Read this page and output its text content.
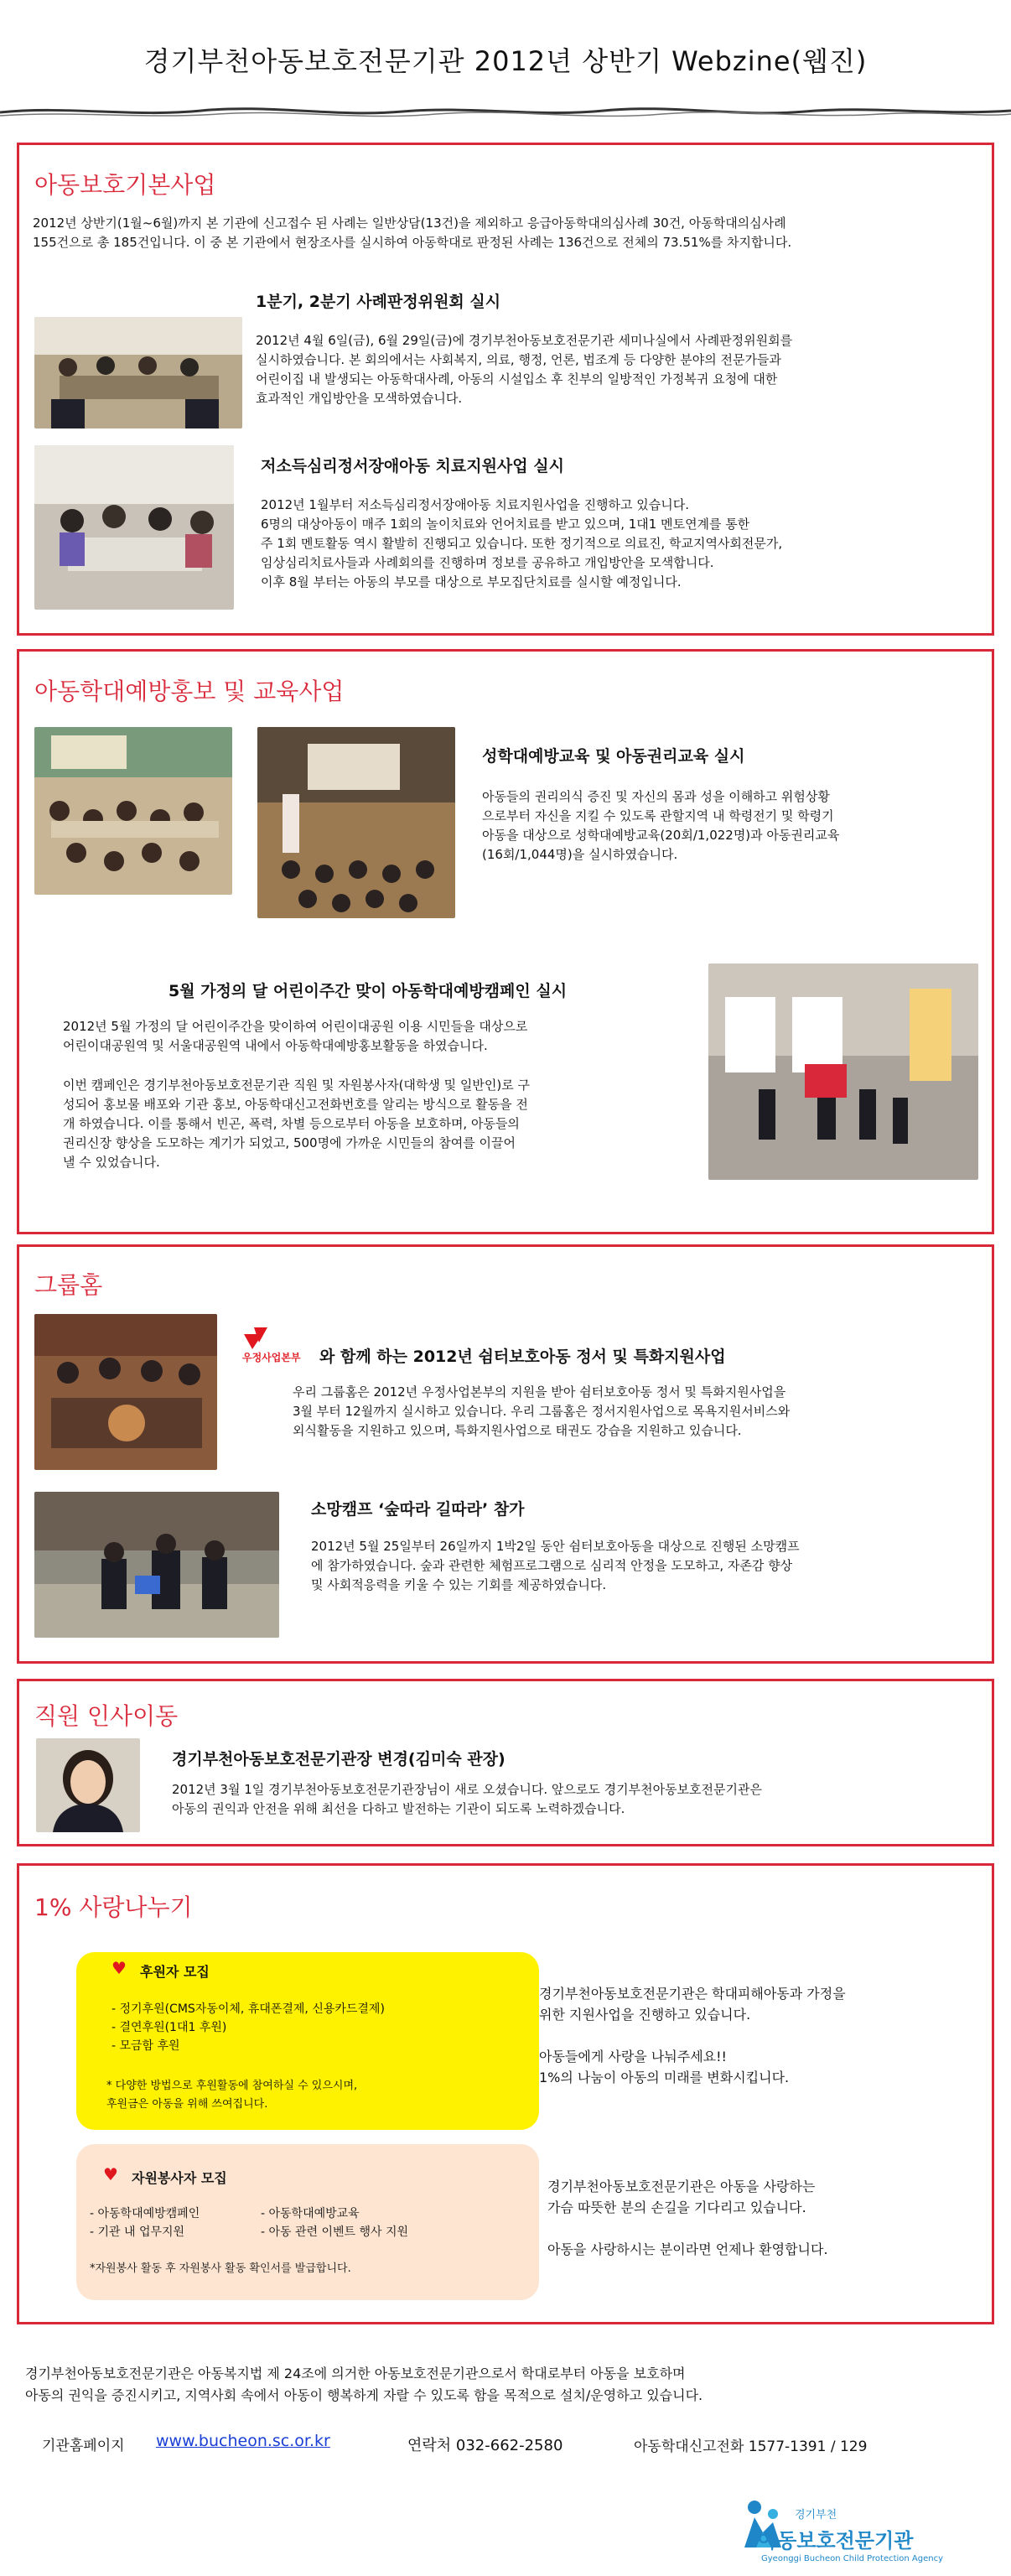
경기부천아동보호전문기관 2012년 상반기 Webzine(웹진)
아동보호기본사업
2012년 상반기(1월~6월)까지 본 기관에 신고접수 된 사례는 일반상담(13건)을 제외하고 응급아동학대의심사례 30건, 아동학대의심사례
155건으로 총 185건입니다. 이 중 본 기관에서 현장조사를 실시하여 아동학대로 판정된 사례는 136건으로 전체의 73.51%를 차지합니다.
1분기, 2분기 사례판정위원회 실시
2012년 4월 6일(금), 6월 29일(금)에 경기부천아동보호전문기관 세미나실에서 사례판정위원회를
실시하였습니다. 본 회의에서는 사회복지, 의료, 행정, 언론, 법조계 등 다양한 분야의 전문가들과
어린이집 내 발생되는 아동학대사례, 아동의 시설입소 후 친부의 일방적인 가정복귀 요청에 대한
효과적인 개입방안을 모색하였습니다.
저소득심리정서장애아동 치료지원사업 실시
2012년 1월부터 저소득심리정서장애아동 치료지원사업을 진행하고 있습니다.
6명의 대상아동이 매주 1회의 놀이치료와 언어치료를 받고 있으며, 1대1 멘토연계를 통한
주 1회 멘토활동 역시 활발히 진행되고 있습니다. 또한 정기적으로 의료진, 학교지역사회전문가,
임상심리치료사들과 사례회의를 진행하며 정보를 공유하고 개입방안을 모색합니다.
이후 8월 부터는 아동의 부모를 대상으로 부모집단치료를 실시할 예정입니다.
아동학대예방홍보 및 교육사업
성학대예방교육 및 아동권리교육 실시
아동들의 권리의식 증진 및 자신의 몸과 성을 이해하고 위험상황
으로부터 자신을 지킬 수 있도록 관할지역 내 학령전기 및 학령기
아동을 대상으로 성학대예방교육(20회/1,022명)과 아동권리교육
(16회/1,044명)을 실시하였습니다.
5월 가정의 달 어린이주간 맞이 아동학대예방캠페인 실시
2012년 5월 가정의 달 어린이주간을 맞이하여 어린이대공원 이용 시민들을 대상으로
어린이대공원역 및 서울대공원역 내에서 아동학대예방홍보활동을 하였습니다.
이번 캠페인은 경기부천아동보호전문기관 직원 및 자원봉사자(대학생 및 일반인)로 구
성되어 홍보물 배포와 기관 홍보, 아동학대신고전화번호를 알리는 방식으로 활동을 전
개 하였습니다. 이를 통해서 빈곤, 폭력, 차별 등으로부터 아동을 보호하며, 아동들의
권리신장 향상을 도모하는 계기가 되었고, 500명에 가까운 시민들의 참여를 이끌어
낼 수 있었습니다.
그룹홈
우정사업본부 와 함께 하는 2012년 쉼터보호아동 정서 및 특화지원사업
우리 그룹홈은 2012년 우정사업본부의 지원을 받아 쉼터보호아동 정서 및 특화지원사업을
3월 부터 12월까지 실시하고 있습니다. 우리 그룹홈은 정서지원사업으로 목욕지원서비스와
외식활동을 지원하고 있으며, 특화지원사업으로 태권도 강습을 지원하고 있습니다.
소망캠프 ‘숲따라 길따라’ 참가
2012년 5월 25일부터 26일까지 1박2일 동안 쉼터보호아동을 대상으로 진행된 소망캠프
에 참가하였습니다. 숲과 관련한 체험프로그램으로 심리적 안정을 도모하고, 자존감 향상
및 사회적응력을 키울 수 있는 기회를 제공하였습니다.
직원 인사이동
경기부천아동보호전문기관장 변경(김미숙 관장)
2012년 3월 1일 경기부천아동보호전문기관장님이 새로 오셨습니다. 앞으로도 경기부천아동보호전문기관은
아동의 권익과 안전을 위해 최선을 다하고 발전하는 기관이 되도록 노력하겠습니다.
1% 사랑나누기
♥ 후원자 모집
- 정기후원(CMS자동이체, 휴대폰결제, 신용카드결제)
- 결연후원(1대1 후원)
- 모금함 후원
* 다양한 방법으로 후원활동에 참여하실 수 있으시며,
후원금은 아동을 위해 쓰여집니다.
♥ 자원봉사자 모집
- 아동학대예방캠페인
- 기관 내 업무지원
- 아동학대예방교육
- 아동 관련 이벤트 행사 지원
*자원봉사 활동 후 자원봉사 활동 확인서를 발급합니다.
경기부천아동보호전문기관은 학대피해아동과 가정을
위한 지원사업을 진행하고 있습니다.

아동들에게 사랑을 나눠주세요!!
1%의 나눔이 아동의 미래를 변화시킵니다.
경기부천아동보호전문기관은 아동을 사랑하는
가슴 따뜻한 분의 손길을 기다리고 있습니다.

아동을 사랑하시는 분이라면 언제나 환영합니다.
경기부천아동보호전문기관은 아동복지법 제 24조에 의거한 아동보호전문기관으로서 학대로부터 아동을 보호하며
아동의 권익을 증진시키고, 지역사회 속에서 아동이 행복하게 자랄 수 있도록 함을 목적으로 설치/운영하고 있습니다.
기관홈페이지 www.bucheon.sc.or.kr	연락처 032-662-2580	아동학대신고전화 1577-1391 / 129
경기부천
아동보호전문기관
Gyeonggi Bucheon Child Protection Agency
